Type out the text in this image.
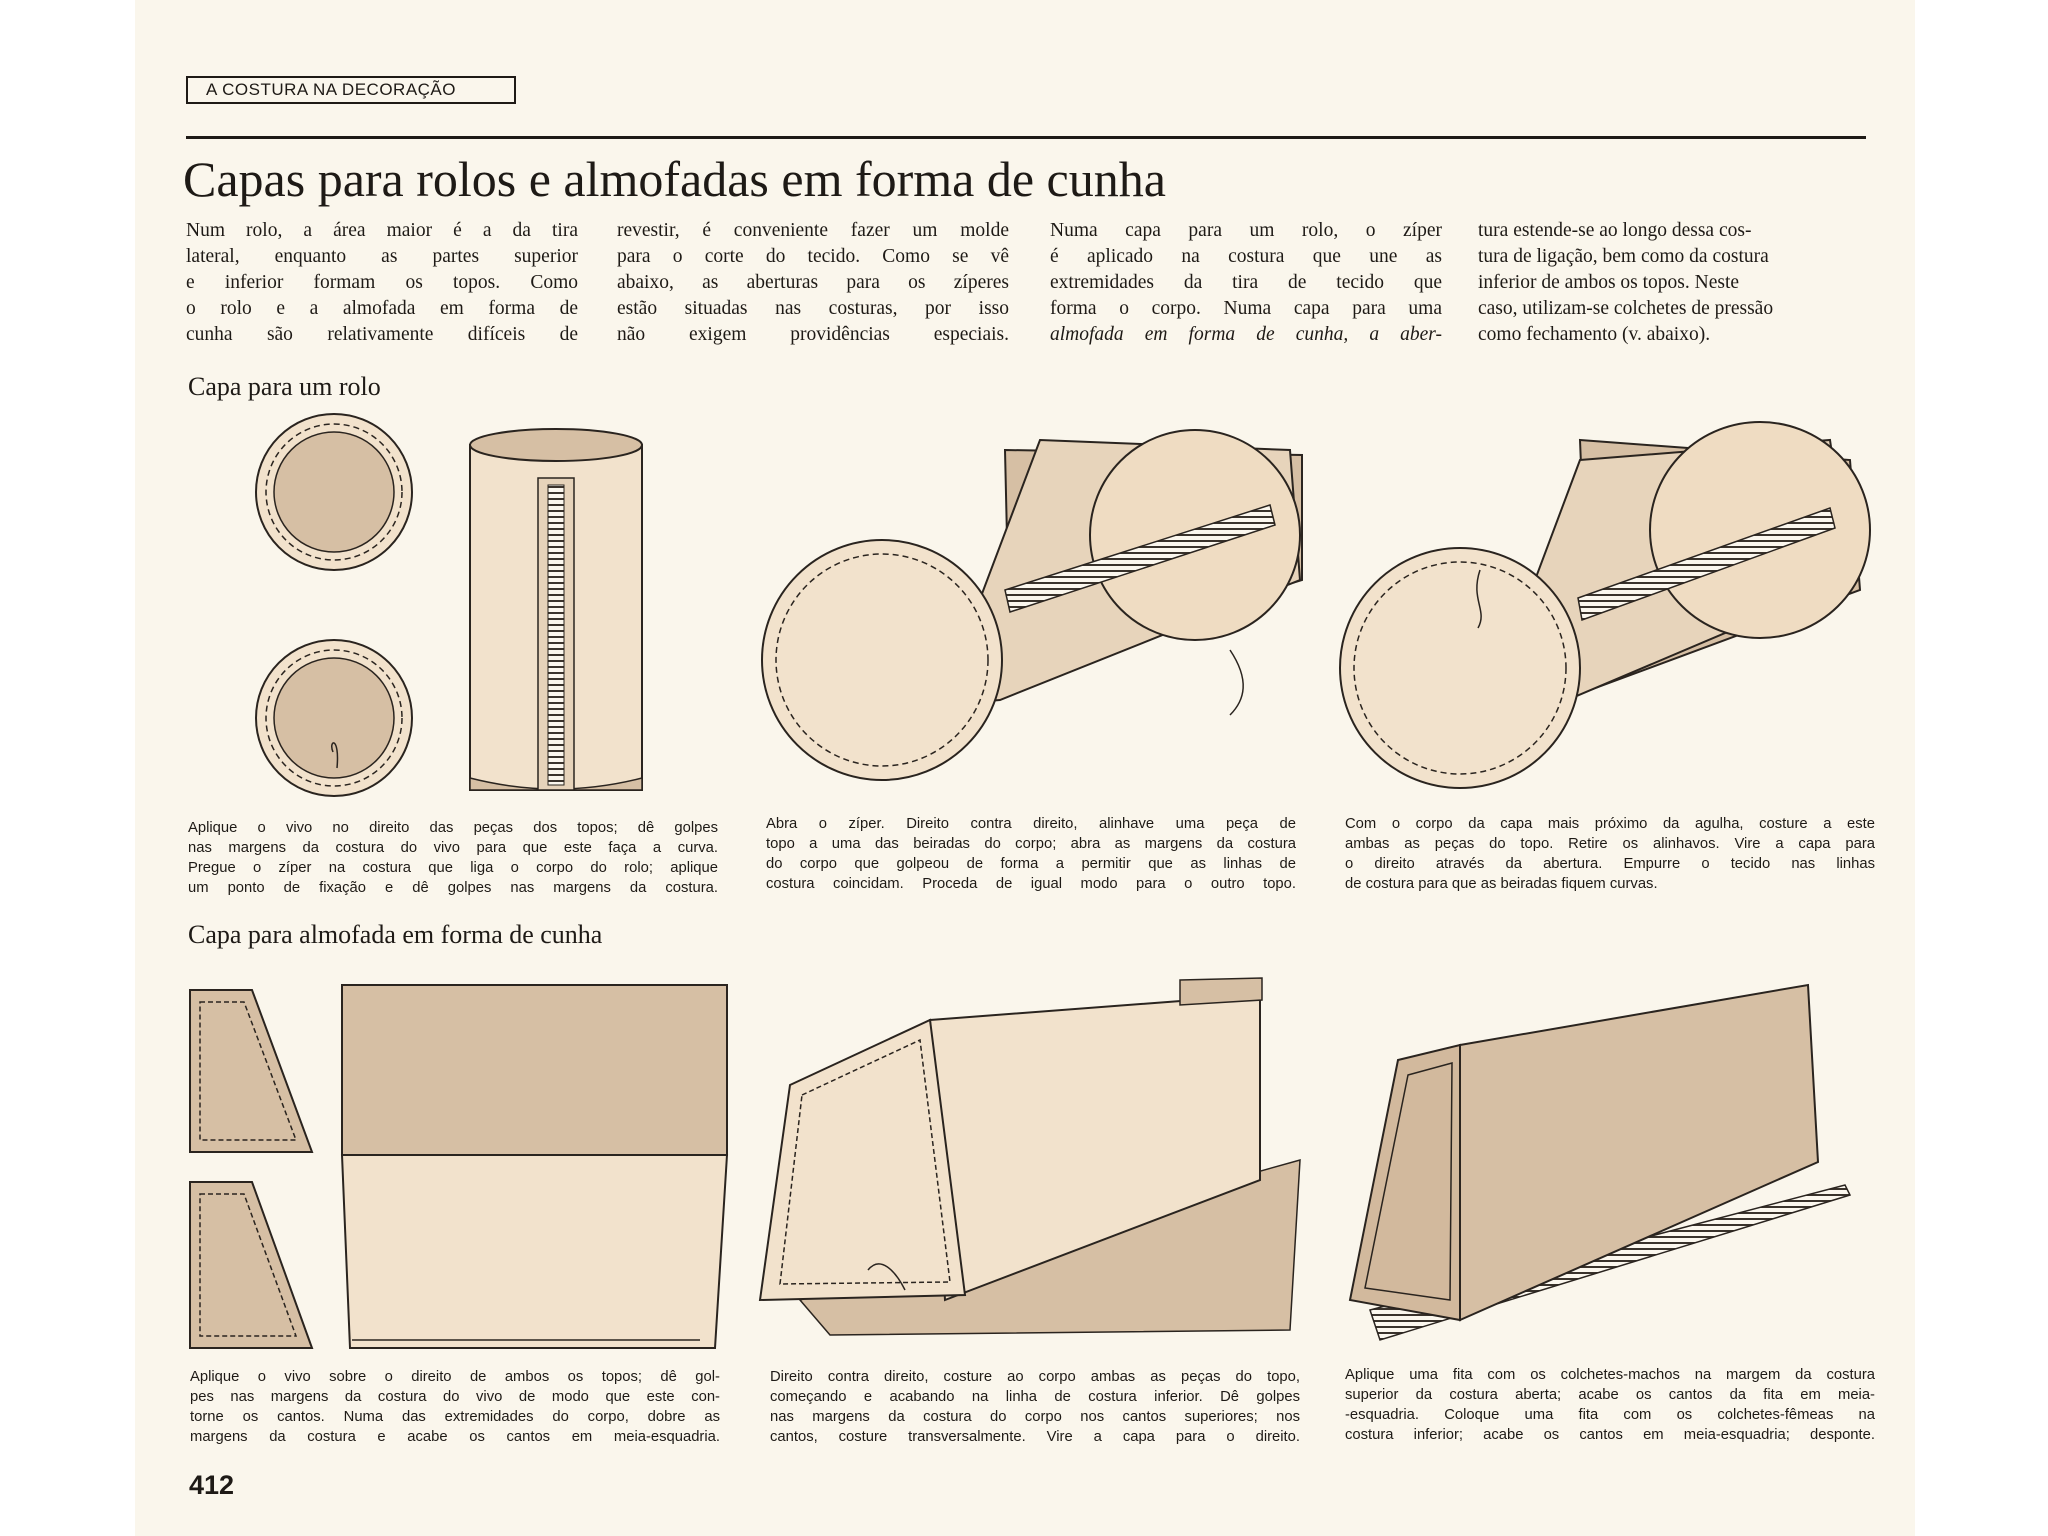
A COSTURA NA DECORAÇÃO
Capas para rolos e almofadas em forma de cunha
Num rolo, a área maior é a da tira
lateral, enquanto as partes superior
e inferior formam os topos. Como
o rolo e a almofada em forma de
cunha são relativamente difíceis de
revestir, é conveniente fazer um molde
para o corte do tecido. Como se vê
abaixo, as aberturas para os zíperes
estão situadas nas costuras, por isso
não exigem providências especiais.
Numa capa para um rolo, o zíper
é aplicado na costura que une as
extremidades da tira de tecido que
forma o corpo. Numa capa para uma
almofada em forma de cunha, a aber-
tura estende-se ao longo dessa cos-
tura de ligação, bem como da costura
inferior de ambos os topos. Neste
caso, utilizam-se colchetes de pressão
como fechamento (v. abaixo).
Capa para um rolo
Capa para almofada em forma de cunha
Aplique o vivo no direito das peças dos topos; dê golpes
nas margens da costura do vivo para que este faça a curva.
Pregue o zíper na costura que liga o corpo do rolo; aplique
um ponto de fixação e dê golpes nas margens da costura.
Abra o zíper. Direito contra direito, alinhave uma peça de
topo a uma das beiradas do corpo; abra as margens da costura
do corpo que golpeou de forma a permitir que as linhas de
costura coincidam. Proceda de igual modo para o outro topo.
Com o corpo da capa mais próximo da agulha, costure a este
ambas as peças do topo. Retire os alinhavos. Vire a capa para
o direito através da abertura. Empurre o tecido nas linhas
de costura para que as beiradas fiquem curvas.
Aplique o vivo sobre o direito de ambos os topos; dê gol-
pes nas margens da costura do vivo de modo que este con-
torne os cantos. Numa das extremidades do corpo, dobre as
margens da costura e acabe os cantos em meia-esquadria.
Direito contra direito, costure ao corpo ambas as peças do topo,
começando e acabando na linha de costura inferior. Dê golpes
nas margens da costura do corpo nos cantos superiores; nos
cantos, costure transversalmente. Vire a capa para o direito.
Aplique uma fita com os colchetes-machos na margem da costura
superior da costura aberta; acabe os cantos da fita em meia-
-esquadria. Coloque uma fita com os colchetes-fêmeas na
costura inferior; acabe os cantos em meia-esquadria; desponte.
412
